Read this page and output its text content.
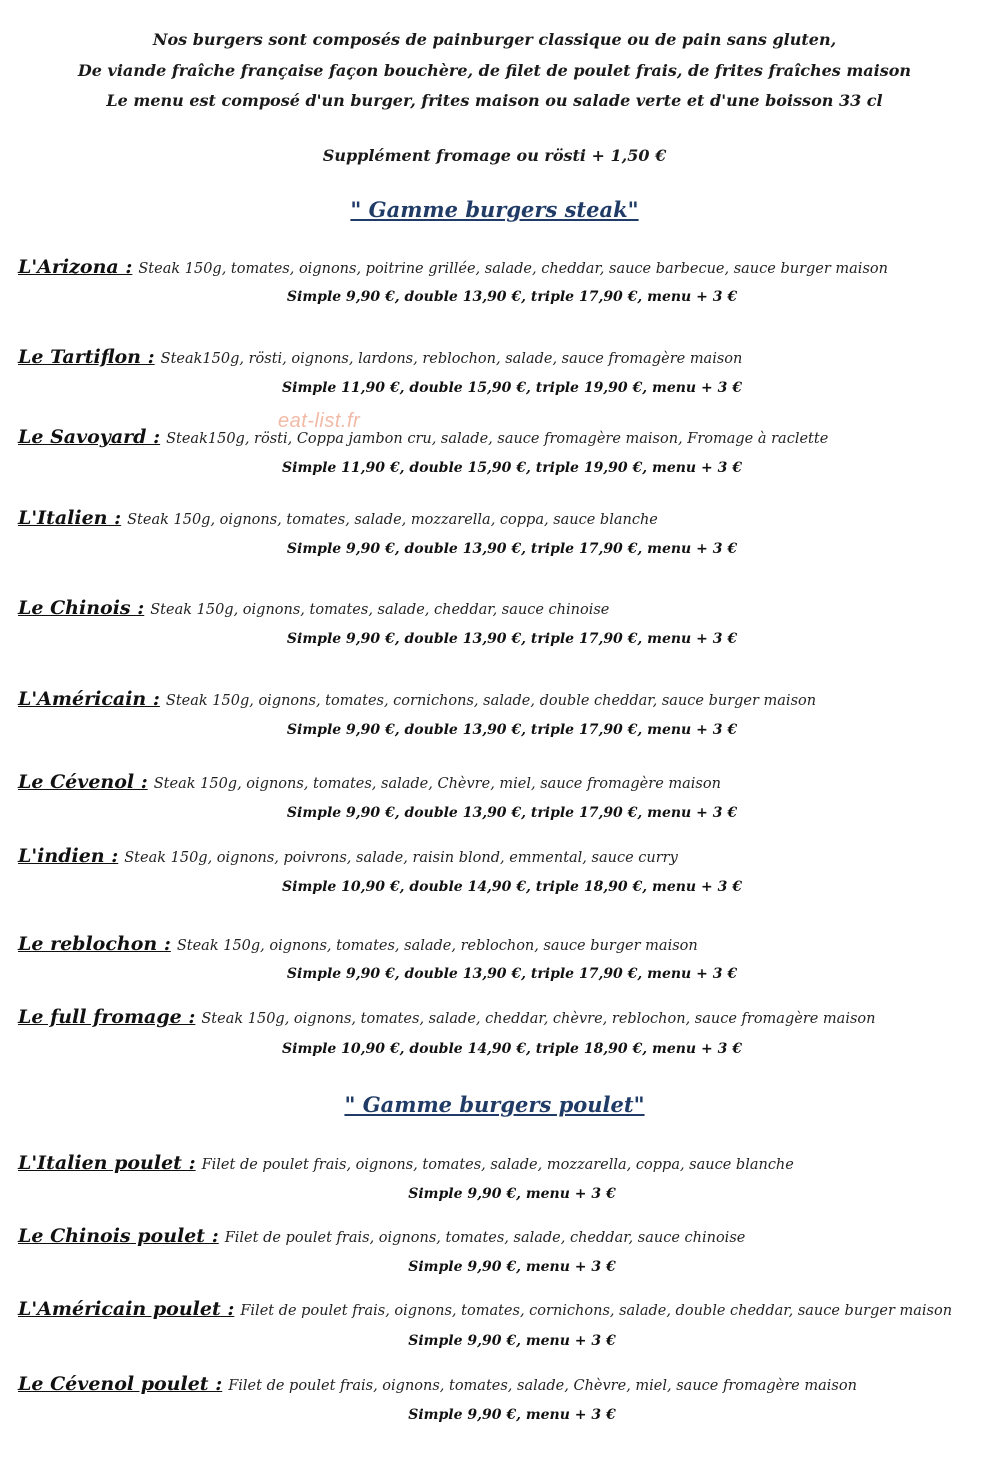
Nos burgers sont composés de painburger classique ou de pain sans gluten,
De viande fraîche française façon bouchère, de filet de poulet frais, de frites fraîches maison
Le menu est composé d'un burger, frites maison ou salade verte et d'une boisson 33 cl
Supplément fromage ou rösti + 1,50 €
" Gamme burgers steak"
L'Arizona : Steak 150g, tomates, oignons, poitrine grillée, salade, cheddar, sauce barbecue, sauce burger maison
Simple 9,90 €, double 13,90 €, triple 17,90 €, menu + 3 €
Le Tartiflon : Steak150g, rösti, oignons, lardons, reblochon, salade, sauce fromagère maison
Simple 11,90 €, double 15,90 €, triple 19,90 €, menu + 3 €
eat-list.fr
Le Savoyard : Steak150g, rösti, Coppa jambon cru, salade, sauce fromagère maison, Fromage à raclette
Simple 11,90 €, double 15,90 €, triple 19,90 €, menu + 3 €
L'Italien : Steak 150g, oignons, tomates, salade, mozzarella, coppa, sauce blanche
Simple 9,90 €, double 13,90 €, triple 17,90 €, menu + 3 €
Le Chinois : Steak 150g, oignons, tomates, salade, cheddar, sauce chinoise
Simple 9,90 €, double 13,90 €, triple 17,90 €, menu + 3 €
L'Américain : Steak 150g, oignons, tomates, cornichons, salade, double cheddar, sauce burger maison
Simple 9,90 €, double 13,90 €, triple 17,90 €, menu + 3 €
Le Cévenol : Steak 150g, oignons, tomates, salade, Chèvre, miel, sauce fromagère maison
Simple 9,90 €, double 13,90 €, triple 17,90 €, menu + 3 €
L'indien : Steak 150g, oignons, poivrons, salade, raisin blond, emmental, sauce curry
Simple 10,90 €, double 14,90 €, triple 18,90 €, menu + 3 €
Le reblochon : Steak 150g, oignons, tomates, salade, reblochon, sauce burger maison
Simple 9,90 €, double 13,90 €, triple 17,90 €, menu + 3 €
Le full fromage : Steak 150g, oignons, tomates, salade, cheddar, chèvre, reblochon, sauce fromagère maison
Simple 10,90 €, double 14,90 €, triple 18,90 €, menu + 3 €
" Gamme burgers poulet"
L'Italien poulet : Filet de poulet frais, oignons, tomates, salade, mozzarella, coppa, sauce blanche
Simple 9,90 €, menu + 3 €
Le Chinois poulet : Filet de poulet frais, oignons, tomates, salade, cheddar, sauce chinoise
Simple 9,90 €, menu + 3 €
L'Américain poulet : Filet de poulet frais, oignons, tomates, cornichons, salade, double cheddar, sauce burger maison
Simple 9,90 €, menu + 3 €
Le Cévenol poulet : Filet de poulet frais, oignons, tomates, salade, Chèvre, miel, sauce fromagère maison
Simple 9,90 €, menu + 3 €
